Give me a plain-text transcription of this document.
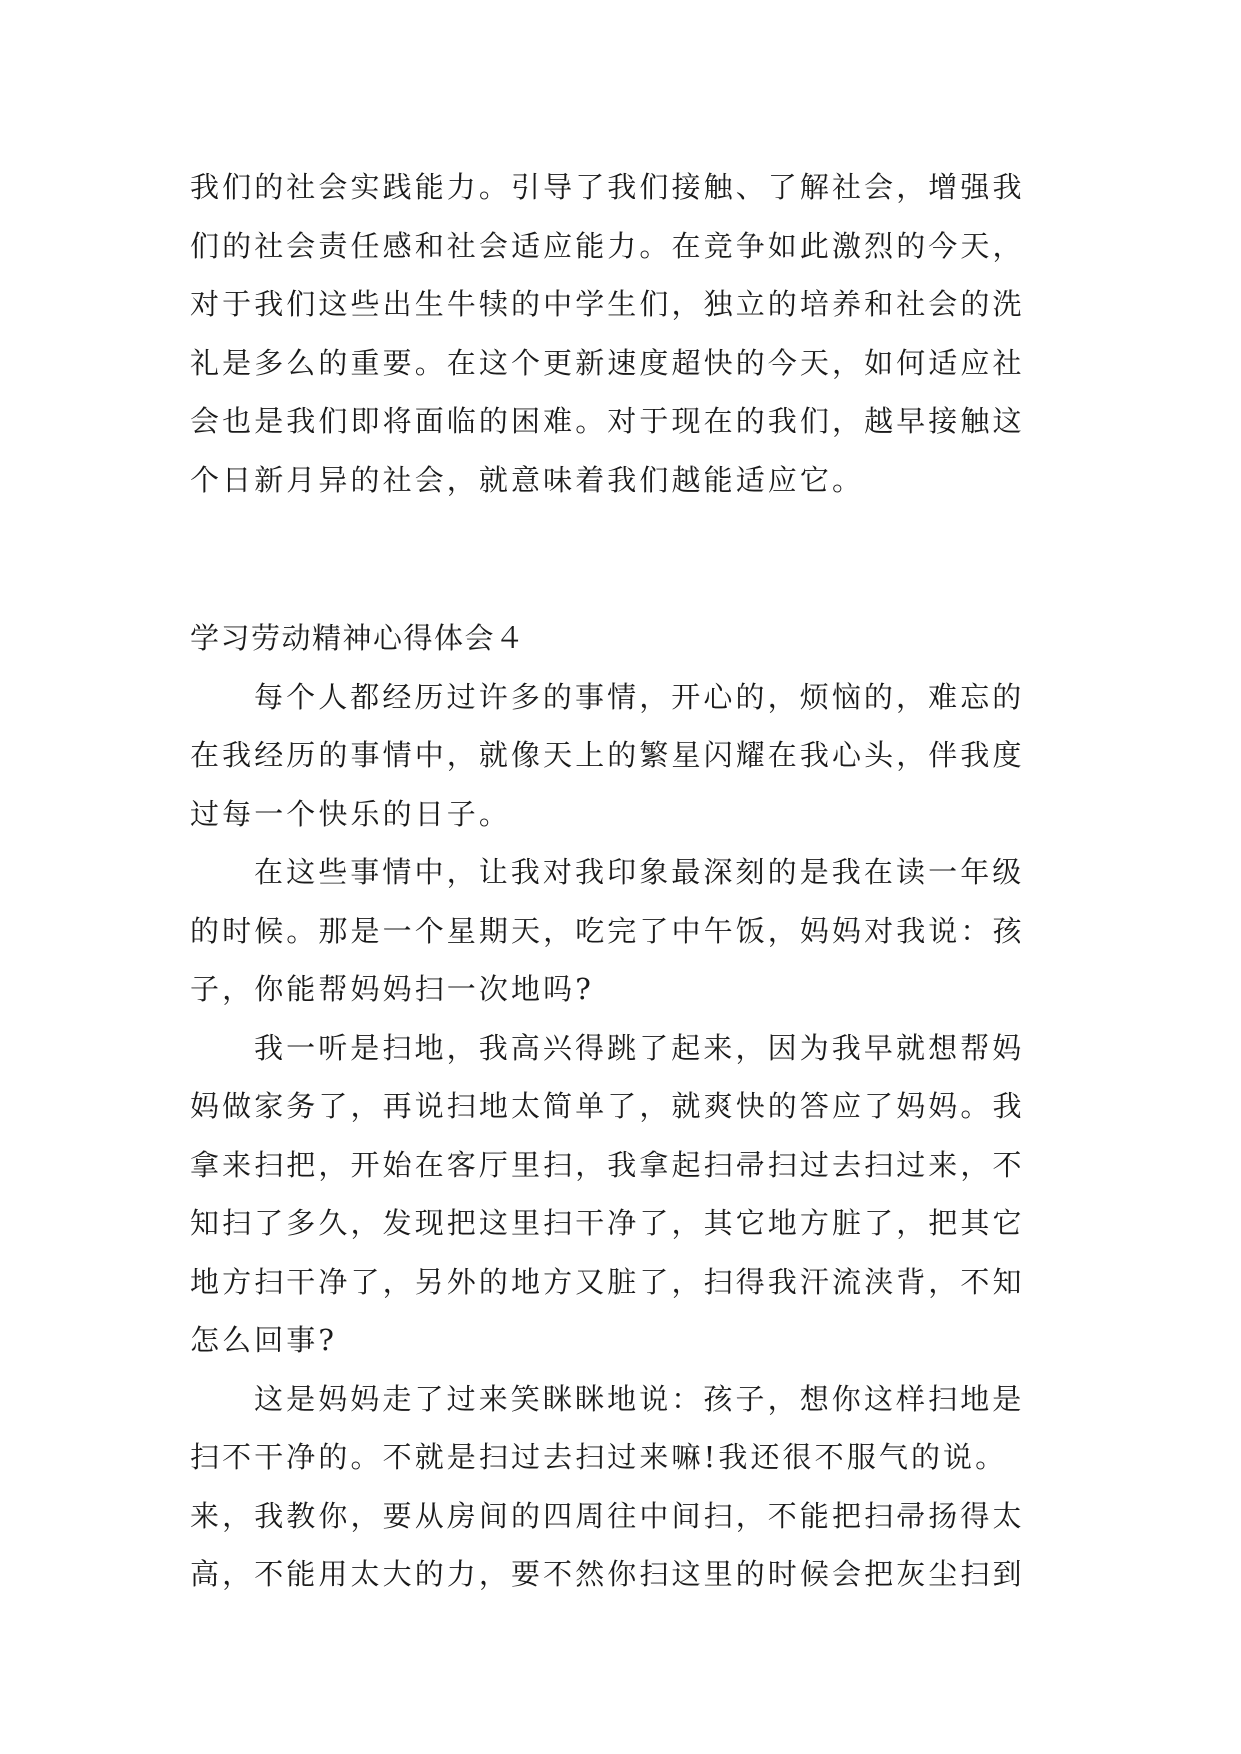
我们的社会实践能力。引导了我们接触、了解社会，增强我
们的社会责任感和社会适应能力。在竞争如此激烈的今天，
对于我们这些出生牛犊的中学生们，独立的培养和社会的洗
礼是多么的重要。在这个更新速度超快的今天，如何适应社
会也是我们即将面临的困难。对于现在的我们，越早接触这
个日新月异的社会，就意味着我们越能适应它。
学习劳动精神心得体会４
每个人都经历过许多的事情，开心的，烦恼的，难忘的
在我经历的事情中，就像天上的繁星闪耀在我心头，伴我度
过每一个快乐的日子。
在这些事情中，让我对我印象最深刻的是我在读一年级
的时候。那是一个星期天，吃完了中午饭，妈妈对我说：孩
子，你能帮妈妈扫一次地吗?
我一听是扫地，我高兴得跳了起来，因为我早就想帮妈
妈做家务了，再说扫地太简单了，就爽快的答应了妈妈。我
拿来扫把，开始在客厅里扫，我拿起扫帚扫过去扫过来，不
知扫了多久，发现把这里扫干净了，其它地方脏了，把其它
地方扫干净了，另外的地方又脏了，扫得我汗流浃背，不知
怎么回事?
这是妈妈走了过来笑眯眯地说：孩子，想你这样扫地是
扫不干净的。不就是扫过去扫过来嘛!我还很不服气的说。
来，我教你，要从房间的四周往中间扫，不能把扫帚扬得太
高，不能用太大的力，要不然你扫这里的时候会把灰尘扫到
